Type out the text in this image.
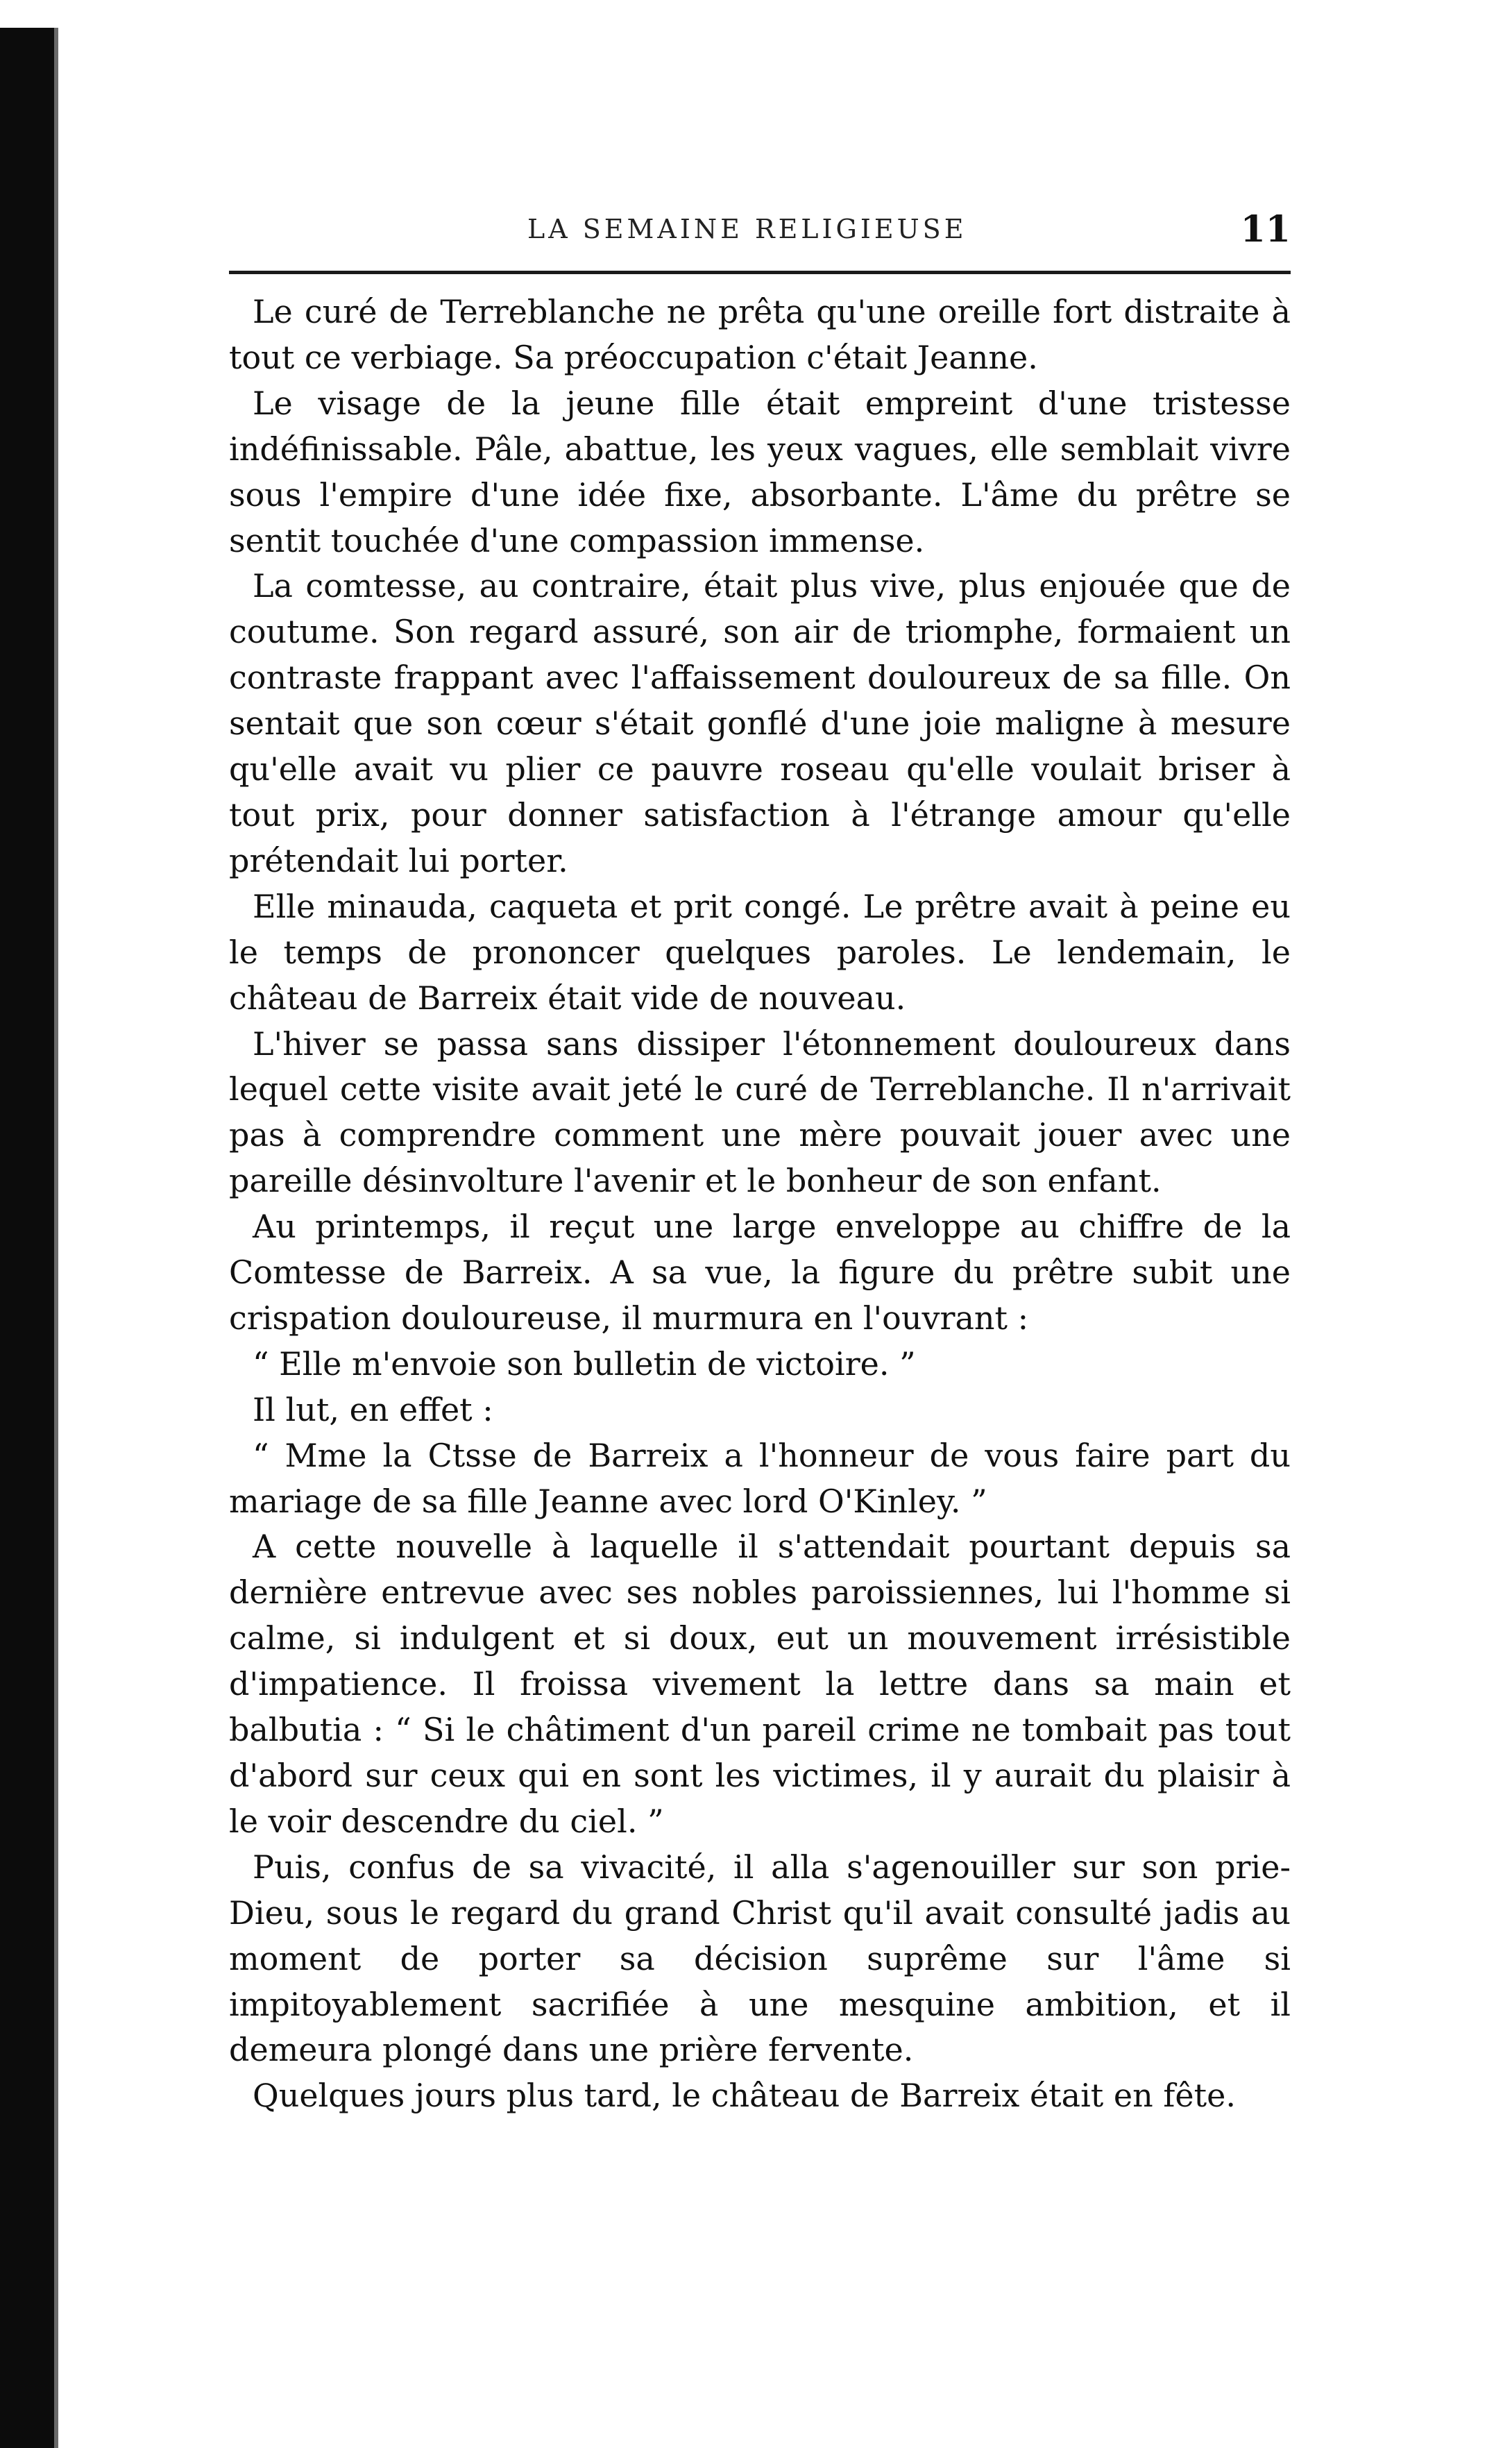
LA SEMAINE RELIGIEUSE	11

Le curé de Terreblanche ne prêta qu'une oreille fort distraite à tout ce verbiage. Sa préoccupation c'était Jeanne.

Le visage de la jeune fille était empreint d'une tristesse indéfinissable. Pâle, abattue, les yeux vagues, elle semblait vivre sous l'empire d'une idée fixe, absorbante. L'âme du prêtre se sentit touchée d'une compassion immense.

La comtesse, au contraire, était plus vive, plus enjouée que de coutume. Son regard assuré, son air de triomphe, formaient un contraste frappant avec l'affaissement douloureux de sa fille. On sentait que son cœur s'était gonflé d'une joie maligne à mesure qu'elle avait vu plier ce pauvre roseau qu'elle voulait briser à tout prix, pour donner satisfaction à l'étrange amour qu'elle prétendait lui porter.

Elle minauda, caqueta et prit congé. Le prêtre avait à peine eu le temps de prononcer quelques paroles. Le lendemain, le château de Barreix était vide de nouveau.

L'hiver se passa sans dissiper l'étonnement douloureux dans lequel cette visite avait jeté le curé de Terreblanche. Il n'arrivait pas à comprendre comment une mère pouvait jouer avec une pareille désinvolture l'avenir et le bonheur de son enfant.

Au printemps, il reçut une large enveloppe au chiffre de la Comtesse de Barreix. A sa vue, la figure du prêtre subit une crispation douloureuse, il murmura en l'ouvrant :

“ Elle m'envoie son bulletin de victoire. ”

Il lut, en effet :

“ Mme la Ctsse de Barreix a l'honneur de vous faire part du mariage de sa fille Jeanne avec lord O'Kinley. ”

A cette nouvelle à laquelle il s'attendait pourtant depuis sa dernière entrevue avec ses nobles paroissiennes, lui l'homme si calme, si indulgent et si doux, eut un mouvement irrésistible d'impatience. Il froissa vivement la lettre dans sa main et balbutia : “ Si le châtiment d'un pareil crime ne tombait pas tout d'abord sur ceux qui en sont les victimes, il y aurait du plaisir à le voir descendre du ciel. ”

Puis, confus de sa vivacité, il alla s'agenouiller sur son prie-Dieu, sous le regard du grand Christ qu'il avait consulté jadis au moment de porter sa décision suprême sur l'âme si impitoyablement sacrifiée à une mesquine ambition, et il demeura plongé dans une prière fervente.

Quelques jours plus tard, le château de Barreix était en fête.
